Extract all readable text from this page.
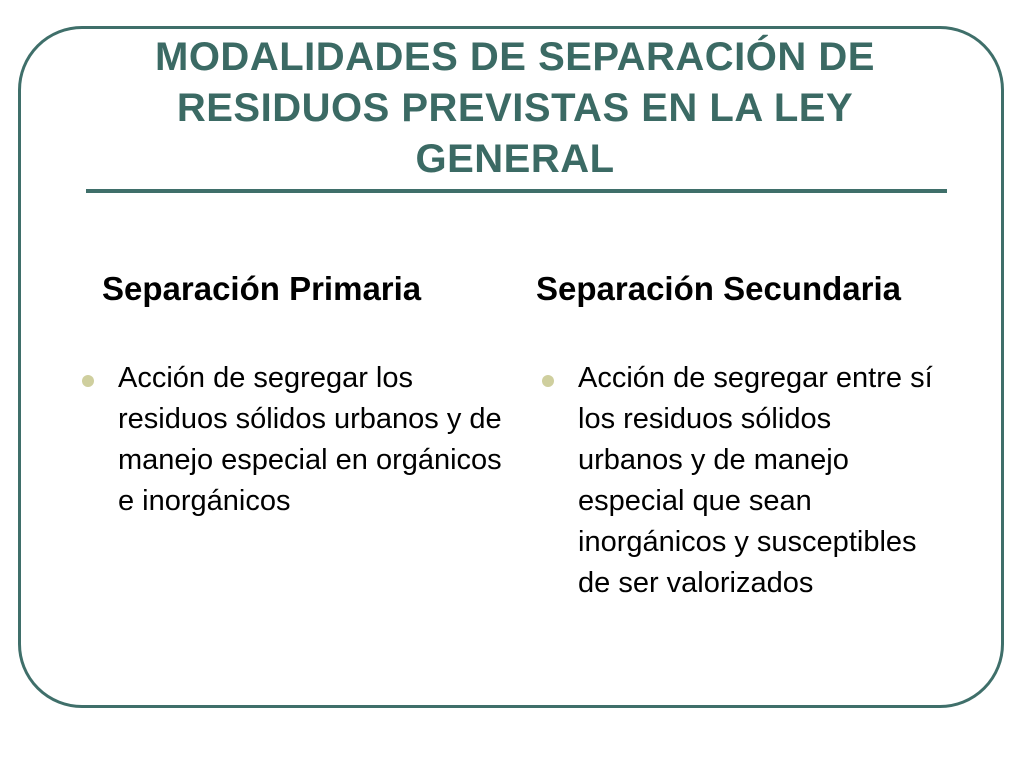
MODALIDADES DE SEPARACIÓN DE RESIDUOS PREVISTAS EN LA LEY GENERAL
Separación Primaria	Separación Secundaria
Acción de segregar los residuos sólidos urbanos y de manejo especial en orgánicos e inorgánicos
Acción de segregar entre sí los residuos sólidos urbanos y de manejo especial que sean inorgánicos y susceptibles de ser valorizados
